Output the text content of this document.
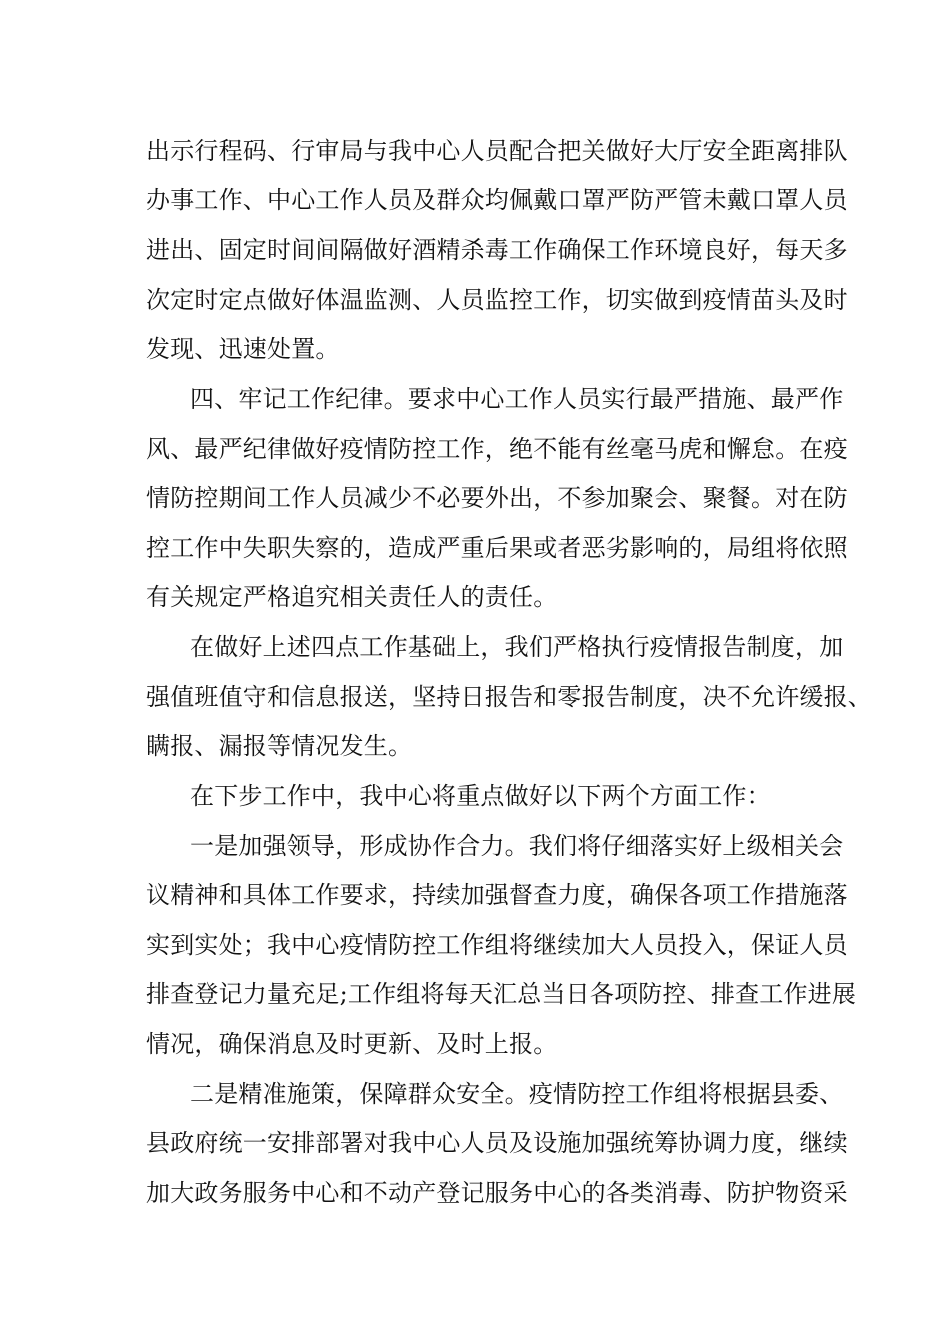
出示行程码、行审局与我中心人员配合把关做好大厅安全距离排队

办事工作、中心工作人员及群众均佩戴口罩严防严管未戴口罩人员

进出、固定时间间隔做好酒精杀毒工作确保工作环境良好，每天多

次定时定点做好体温监测、人员监控工作，切实做到疫情苗头及时

发现、迅速处置。

四、牢记工作纪律。要求中心工作人员实行最严措施、最严作

风、最严纪律做好疫情防控工作，绝不能有丝毫马虎和懈怠。在疫

情防控期间工作人员减少不必要外出，不参加聚会、聚餐。对在防

控工作中失职失察的，造成严重后果或者恶劣影响的，局组将依照

有关规定严格追究相关责任人的责任。

在做好上述四点工作基础上，我们严格执行疫情报告制度，加

强值班值守和信息报送，坚持日报告和零报告制度，决不允许缓报、

瞒报、漏报等情况发生。

在下步工作中，我中心将重点做好以下两个方面工作：

一是加强领导，形成协作合力。我们将仔细落实好上级相关会

议精神和具体工作要求，持续加强督查力度，确保各项工作措施落

实到实处；我中心疫情防控工作组将继续加大人员投入，保证人员

排查登记力量充足;工作组将每天汇总当日各项防控、排查工作进展

情况，确保消息及时更新、及时上报。

二是精准施策，保障群众安全。疫情防控工作组将根据县委、

县政府统一安排部署对我中心人员及设施加强统筹协调力度，继续

加大政务服务中心和不动产登记服务中心的各类消毒、防护物资采
